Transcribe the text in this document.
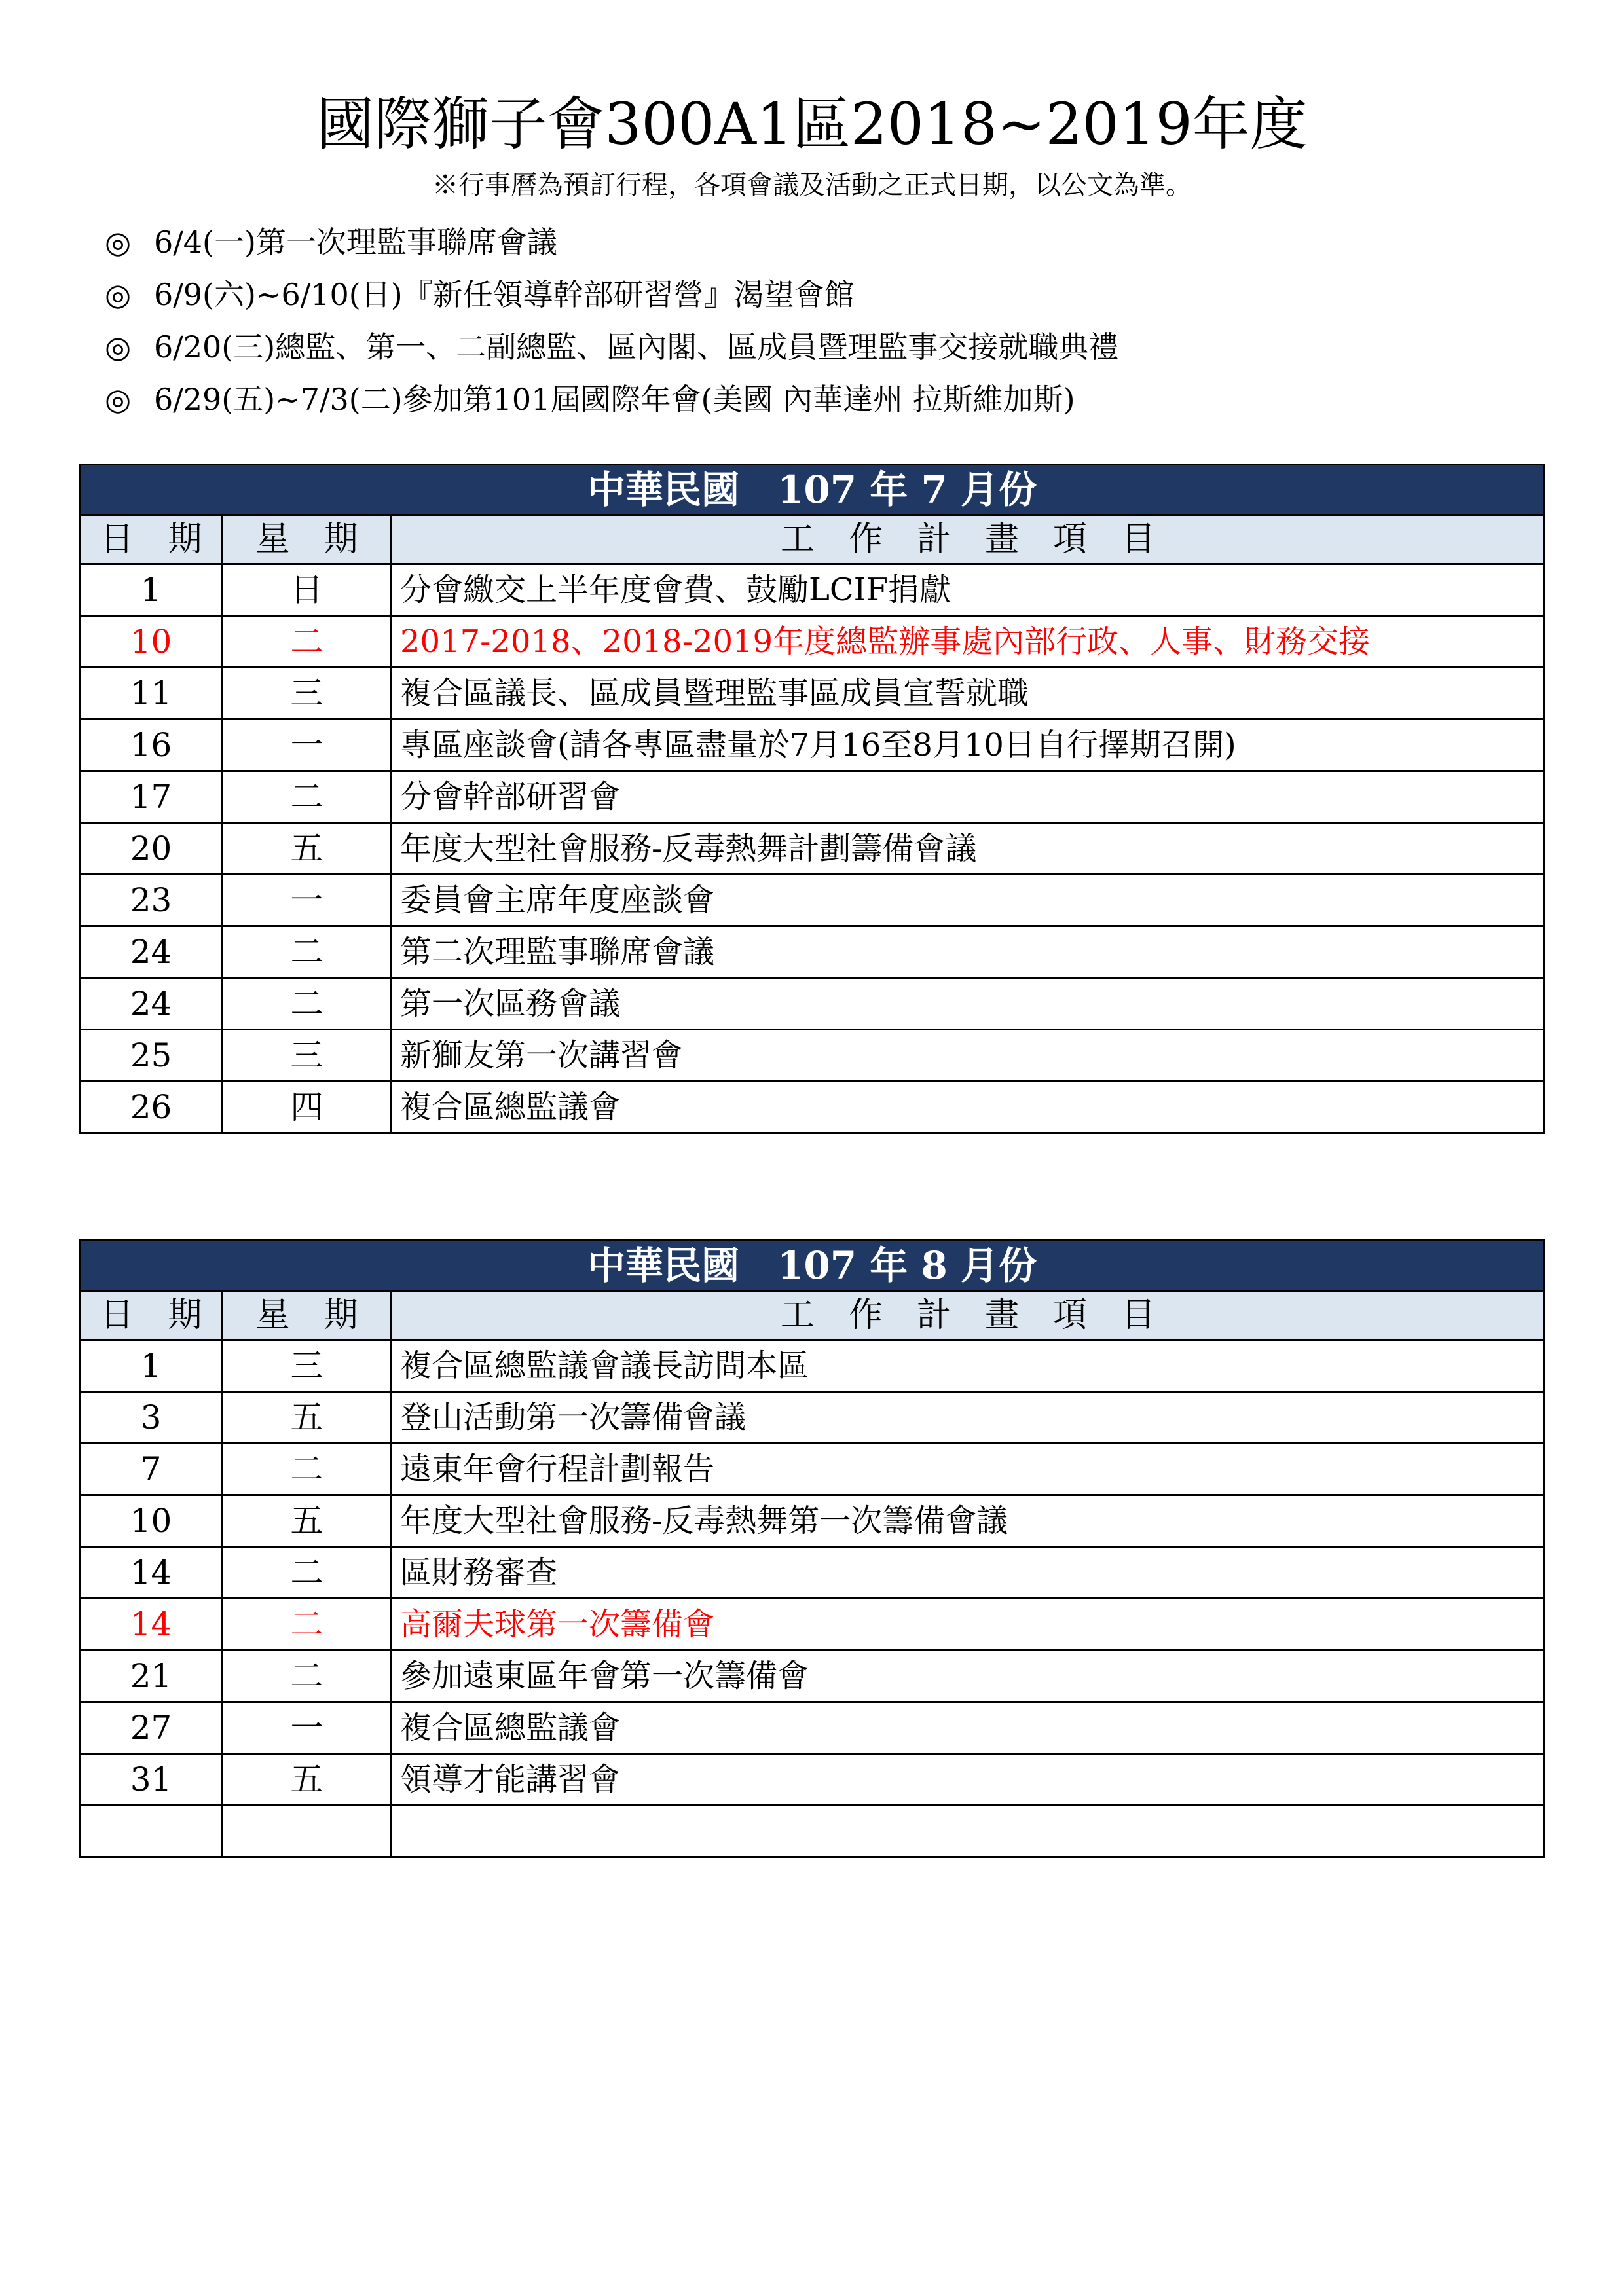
國際獅子會300A1區2018~2019年度
※行事曆為預訂行程，各項會議及活動之正式日期，以公文為準。
◎ 6/4(一)第一次理監事聯席會議
◎ 6/9(六)~6/10(日)『新任領導幹部研習營』渴望會館
◎ 6/20(三)總監、第一、二副總監、區內閣、區成員暨理監事交接就職典禮
◎ 6/29(五)~7/3(二)參加第101屆國際年會(美國 內華達州 拉斯維加斯)
中華民國　107 年 7 月份		
日　期	星　期	工　作　計　畫　項　目
1	日	分會繳交上半年度會費、鼓勵LCIF捐獻
10	二	2017-2018、2018-2019年度總監辦事處內部行政、人事、財務交接
11	三	複合區議長、區成員暨理監事區成員宣誓就職
16	一	專區座談會(請各專區盡量於7月16至8月10日自行擇期召開)
17	二	分會幹部研習會
20	五	年度大型社會服務-反毒熱舞計劃籌備會議
23	一	委員會主席年度座談會
24	二	第二次理監事聯席會議
24	二	第一次區務會議
25	三	新獅友第一次講習會
26	四	複合區總監議會
中華民國　107 年 8 月份		
日　期	星　期	工　作　計　畫　項　目
1	三	複合區總監議會議長訪問本區
3	五	登山活動第一次籌備會議
7	二	遠東年會行程計劃報告
10	五	年度大型社會服務-反毒熱舞第一次籌備會議
14	二	區財務審查
14	二	高爾夫球第一次籌備會
21	二	參加遠東區年會第一次籌備會
27	一	複合區總監議會
31	五	領導才能講習會
